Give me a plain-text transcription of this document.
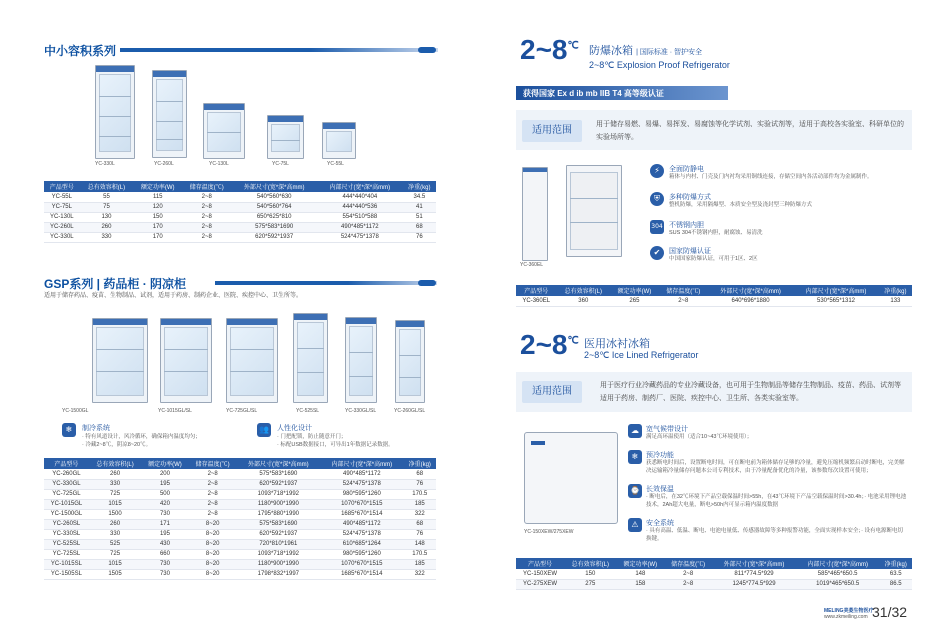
中小容积系列
YC-330L	YC-260L	YC-130L	YC-75L	YC-55L
产品型号	总有效容积(L)	额定功率(W)	储存温度(℃)	外部尺寸(宽*深*高mm)	内部尺寸(宽*深*高mm)	净重(kg)
YC-55L	55	115	2~8	540*560*630	444*440*404	34.5
YC-75L	75	120	2~8	540*560*764	444*440*536	41
YC-130L	130	150	2~8	650*625*810	554*510*588	51
YC-260L	260	170	2~8	575*583*1690	490*485*1172	68
YC-330L	330	170	2~8	620*592*1937	524*475*1378	76
GSP系列 | 药品柜 · 阴凉柜
适用于储存药品、疫苗、生物制品、试剂，适用于药房、制药企业、医院、疾控中心、卫生所等。
YC-1500GL	YC-1015GL/SL	YC-725GL/SL	YC-525SL	YC-330GL/SL	YC-260GL/SL
❄	制冷系统
· 特有风道设计，风冷循环，确保箱内温度均匀；
· 冷藏2~8℃，阴凉8~20℃。
👥 人性化设计
· 门把配锁，防止随意开门；
· 标配USB数据接口，可导出1年数据记录数据。
产品型号	总有效容积(L)	额定功率(W)	储存温度(℃)	外部尺寸(宽*深*高mm)	内部尺寸(宽*深*高mm)	净重(kg)
YC-260GL	260	200	2~8	575*583*1690	490*485*1172	68
YC-330GL	330	195	2~8	620*592*1937	524*475*1378	76
YC-725GL	725	500	2~8	1093*718*1992	980*595*1260	170.5
YC-1015GL	1015	420	2~8	1180*900*1990	1070*670*1515	185
YC-1500GL	1500	730	2~8	1795*880*1990	1685*670*1514	322
YC-260SL	260	171	8~20	575*583*1690	490*485*1172	68
YC-330SL	330	195	8~20	620*592*1937	524*475*1378	76
YC-525SL	525	430	8~20	720*810*1961	610*685*1264	148
YC-725SL	725	660	8~20	1093*718*1992	980*595*1260	170.5
YC-1015SL	1015	730	8~20	1180*900*1990	1070*670*1515	185
YC-1505SL	1505	730	8~20	1798*832*1997	1685*670*1514	322
2~8℃ 防爆冰箱 | 国际标准 · 智护安全
2~8℃ Explosion Proof Refrigerator
获得国家 Ex d ib mb IIB T4 高等级认证
适用范围
用于储存易燃、易爆、易挥发、易腐蚀等化学试剂、实验试剂等，适用于高校各实验室、科研单位的实验场所等。
YC-360EL
⚡	全面防静电
箱体与内村、门壳及门内衬均采用铜线连接，存储空间内各活动部件均为金属制作。
⛨	多种防爆方式
整机防爆，采用隔爆型、本质安全型及浇封型三种防爆方式
304 不锈钢内胆
SUS 304不锈钢内胆，耐腐蚀、易清洗
✔	国家防爆认证
中国国家防爆认证，可用于1区、2区
产品型号	总有效容积(L)	额定功率(W)	储存温度(℃)	外部尺寸(宽*深*高mm)	内部尺寸(宽*深*高mm)	净重(kg)
YC-360EL	360	265	2~8	640*696*1880	530*565*1312	133
2~8℃ 医用冰衬冰箱
2~8℃ Ice Lined Refrigerator
适用范围
用于医疗行业冷藏药品的专业冷藏设备，也可用于生物制品等储存生物制品、疫苗、药品、试剂等适用于药房、制药厂、医院、疾控中心、卫生所、各类实验室等。
YC-150XEW/275XEW
☁	宽气候带设计
满足高环温使用（适合10~43℃环境使用）；
❄	预冷功能
获悉断电时间后，设置断电时间，可在断电前为箱体储存足够的冷量，避免压缩机频繁启动时断电，完美解决运输箱冷量储存问题本公司专利技术，由于冷量配备优化的冷量，该参数每次设置可使用；
⌚ 长效保温
· 断电后，在32℃环境下产品空载保温时间>55h，在43℃环境下产品空载保温时间>30.4h；· 电池采用锂电池技术，2Ah超大电量，断电>50h内可显示箱内温度数据
⚠	安全系统
· 具有高温、低温、断电、电池电量低、传感器故障等多种报警功能，全面实现样本安全；· 设有电源断电切换键。
产品型号	总有效容积(L)	额定功率(W)	储存温度(℃)	外部尺寸(宽*深*高mm)	内部尺寸(宽*深*高mm)	净重(kg)
YC-150XEW	150	148	2~8	811*774.5*929	585*465*650.5	63.5
YC-275XEW	275	158	2~8	1245*774.5*929	1019*465*650.5	86.5
MELING美菱生物医疗
www.zkmeiling.com 31/32
